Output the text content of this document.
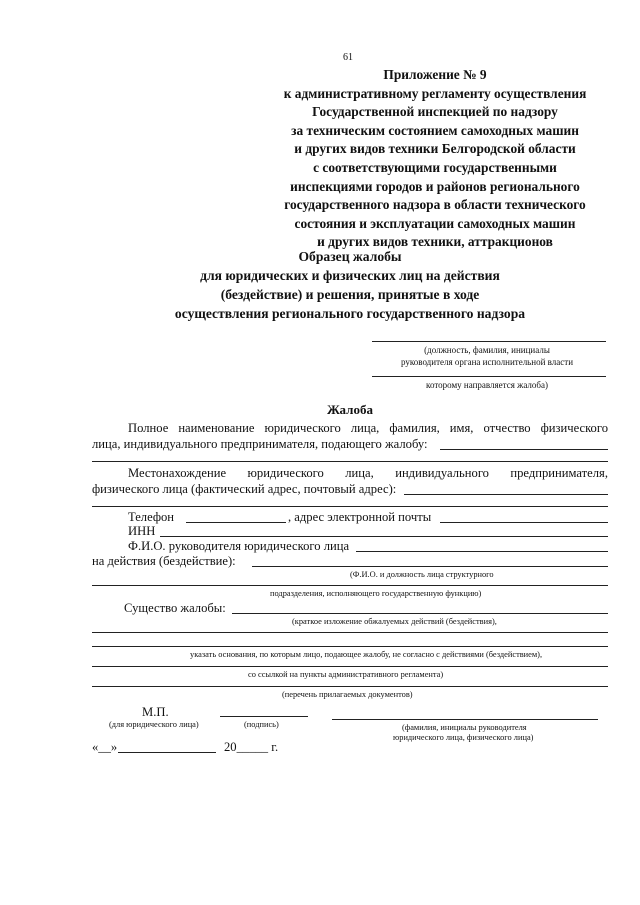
61
Приложение № 9
к административному регламенту осуществления
Государственной инспекцией по надзору
за техническим состоянием самоходных машин
и других видов техники Белгородской области
с соответствующими государственными
инспекциями городов и районов регионального
государственного надзора в области технического
состояния и эксплуатации самоходных машин
и других видов техники, аттракционов
Образец жалобы
для юридических и физических лиц на действия
(бездействие) и решения, принятые в ходе
осуществления регионального государственного надзора
(должность, фамилия, инициалы
руководителя органа исполнительной власти
которому направляется жалоба)
Жалоба
Полное наименование юридического лица, фамилия, имя, отчество физического
лица, индивидуального предпринимателя, подающего жалобу:
Местонахождение юридического лица, индивидуального предпринимателя,
физического лица (фактический адрес, почтовый адрес):
Телефон	, адрес электронной почты
ИНН
Ф.И.О. руководителя юридического лица
на действия (бездействие):
(Ф.И.О. и должность лица структурного
подразделения, исполняющего государственную функцию)
Существо жалобы:
(краткое изложение обжалуемых действий (бездействия),
указать основания, по которым лицо, подающее жалобу, не согласно с действиями (бездействием),
со ссылкой на пункты административного регламента)
(перечень прилагаемых документов)
М.П.
(для юридического лица)	(подпись)	(фамилия, инициалы руководителя
юридического лица, физического лица)
«__»	20_____ г.
